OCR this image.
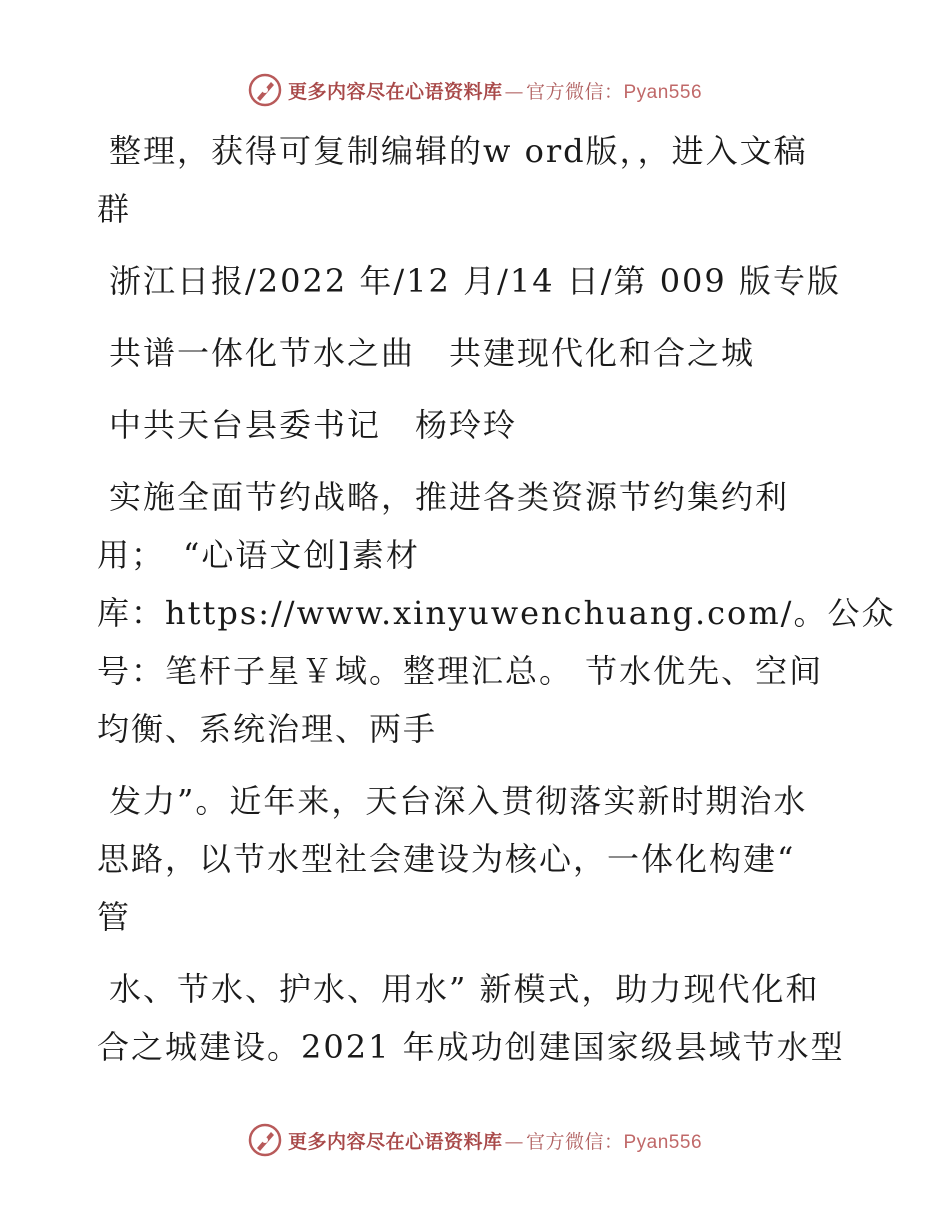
更多内容尽在心语资料库 — 官方微信：Pyan556
整理，获得可复制编辑的w ord版，，进入文稿
群
浙江日报/2022 年/12 月/14 日/第 009 版专版
共谱一体化节水之曲　共建现代化和合之城
中共天台县委书记　杨玲玲
实施全面节约战略，推进各类资源节约集约利
用；　“心语文创]素材
库：https://www.xinyuwenchuang.com/。公众
号：笔杆子星￥域。整理汇总。 节水优先、空间
均衡、系统治理、两手
发力”。近年来，天台深入贯彻落实新时期治水
思路，以节水型社会建设为核心，一体化构建“
管
水、节水、护水、用水” 新模式，助力现代化和
合之城建设。2021 年成功创建国家级县域节水型
更多内容尽在心语资料库 — 官方微信：Pyan556
